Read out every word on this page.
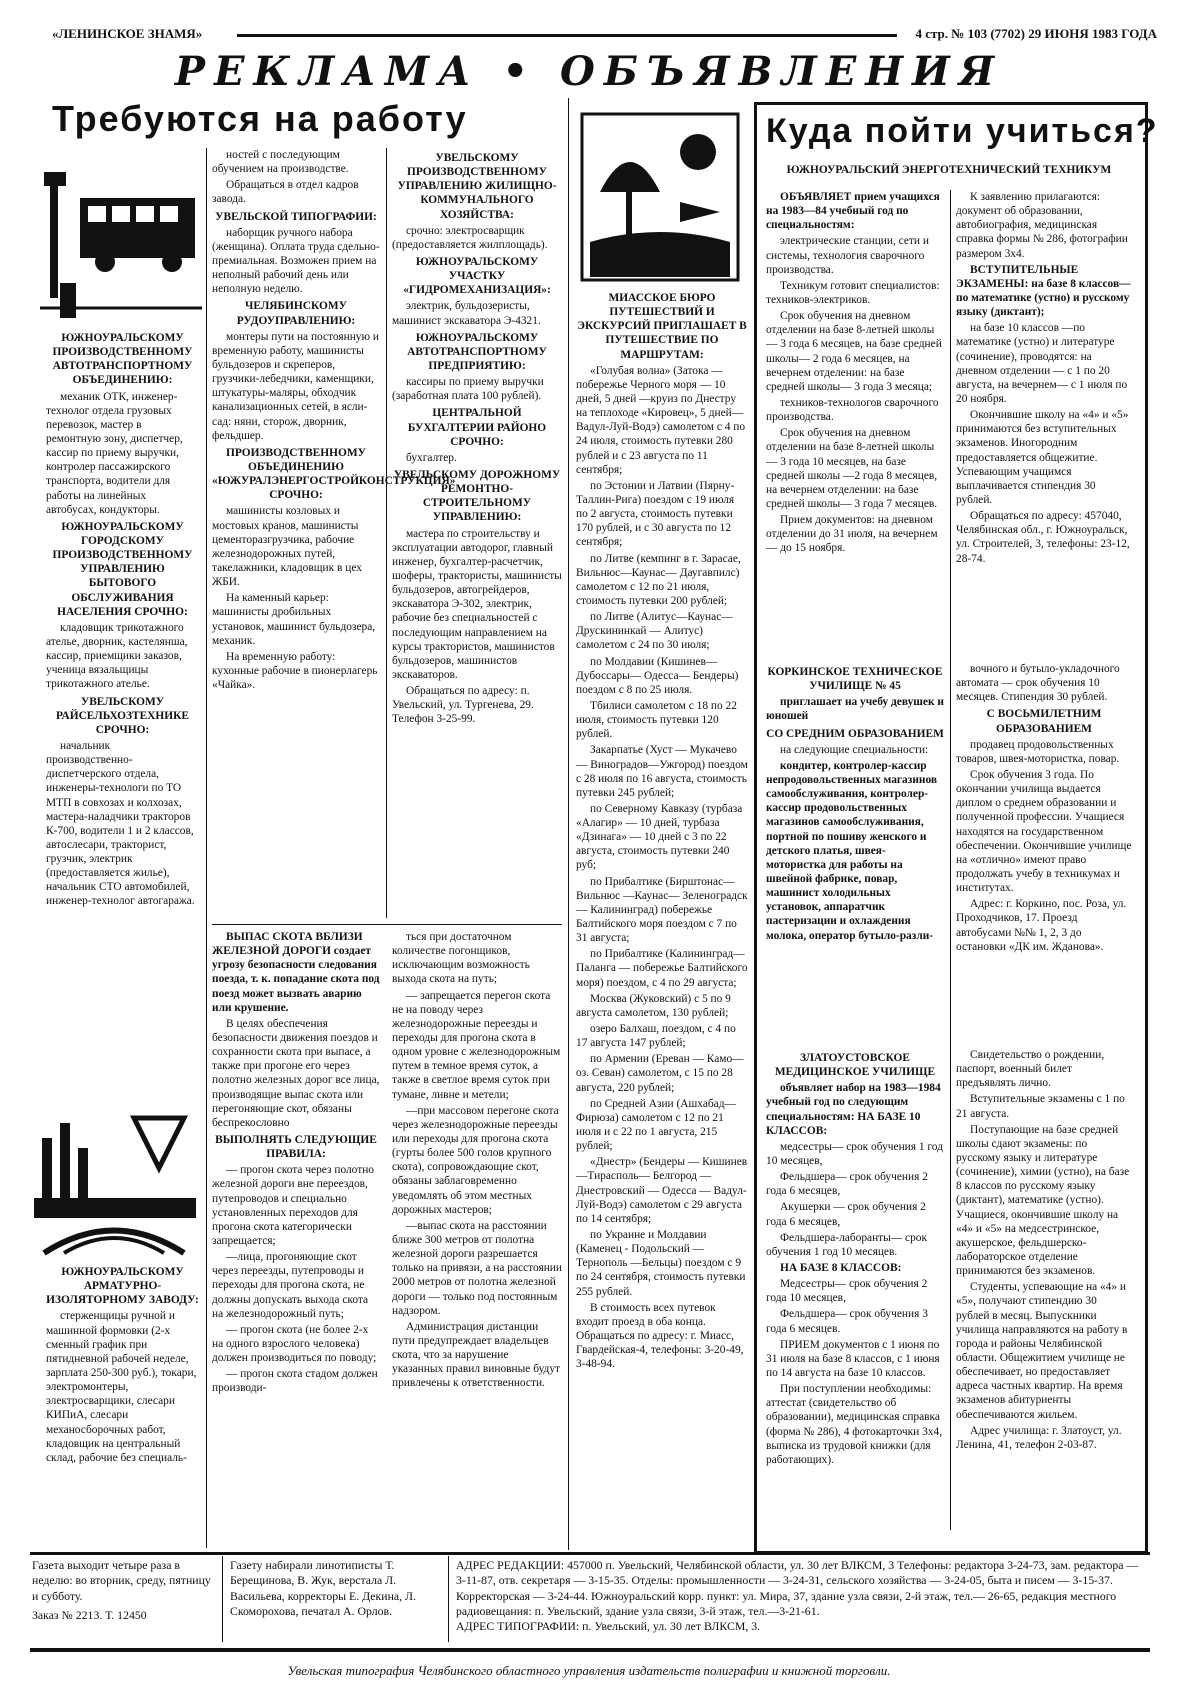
«ЛЕНИНСКОЕ ЗНАМЯ»	4 стр. № 103 (7702) 29 ИЮНЯ 1983 ГОДА
РЕКЛАМА • ОБЪЯВЛЕНИЯ
Требуются на работу

ЮЖНОУРАЛЬСКОМУ ПРОИЗВОДСТВЕННОМУ АВТОТРАНСПОРТНОМУ ОБЪЕДИНЕНИЮ:

механик ОТК, инженер-технолог отдела грузовых перевозок, мастер в ремонтную зону, диспетчер, кассир по приему выручки, контролер пассажирского транспорта, водители для работы на линейных автобусах, кондукторы.

ЮЖНОУРАЛЬСКОМУ ГОРОДСКОМУ ПРОИЗВОДСТВЕННОМУ УПРАВЛЕНИЮ БЫТОВОГО ОБСЛУЖИВАНИЯ НАСЕЛЕНИЯ СРОЧНО:

кладовщик трикотажного ателье, дворник, кастелянша, кассир, приемщики заказов, ученица вязальщицы трикотажного ателье.

УВЕЛЬСКОМУ РАЙСЕЛЬХОЗТЕХНИКЕ СРОЧНО:

начальник производственно-диспетчерского отдела, инженеры-технологи по ТО МТП в совхозах и колхозах, мастера-наладчики тракторов К-700, водители 1 и 2 классов, автослесари, тракторист, грузчик, электрик (предоставляется жилье), начальник СТО автомобилей, инженер-технолог автогаража.

ЮЖНОУРАЛЬСКОМУ АРМАТУРНО-ИЗОЛЯТОРНОМУ ЗАВОДУ:

стерженщицы ручной и машинной формовки (2-х сменный график при пятидневной рабочей неделе, зарплата 250-300 руб.), токари, электромонтеры, электросварщики, слесари КИПиА, слесари механосборочных работ, кладовщик на центральный склад, рабочие без специаль-

ностей с последующим обучением на производстве.

Обращаться в отдел кадров завода.

УВЕЛЬСКОЙ ТИПОГРАФИИ:

наборщик ручного набора (женщина). Оплата труда сдельно-премиальная. Возможен прием на неполный рабочий день или неполную неделю.

ЧЕЛЯБИНСКОМУ РУДОУПРАВЛЕНИЮ:

монтеры пути на постоянную и временную работу, машинисты бульдозеров и скреперов, грузчики-лебедчики, каменщики, штукатуры-маляры, обходчик канализационных сетей, в ясли-сад: няни, сторож, дворник, фельдшер.

ПРОИЗВОДСТВЕННОМУ ОБЪЕДИНЕНИЮ «ЮЖУРАЛЭНЕРГОСТРОЙКОНСТРУКЦИЯ» СРОЧНО:

машинисты козловых и мостовых кранов, машинисты цементоразгрузчика, рабочие железнодорожных путей, такелажники, кладовщик в цех ЖБИ.

На каменный карьер: машинисты дробильных установок, машинист бульдозера, механик.

На временную работу: кухонные рабочие в пионерлагерь «Чайка».

УВЕЛЬСКОМУ ПРОИЗВОДСТВЕННОМУ УПРАВЛЕНИЮ ЖИЛИЩНО-КОММУНАЛЬНОГО ХОЗЯЙСТВА:

срочно: электросварщик (предоставляется жилплощадь).

ЮЖНОУРАЛЬСКОМУ УЧАСТКУ «ГИДРОМЕХАНИЗАЦИЯ»:

электрик, бульдозеристы, машинист экскаватора Э-4321.

ЮЖНОУРАЛЬСКОМУ АВТОТРАНСПОРТНОМУ ПРЕДПРИЯТИЮ:

кассиры по приему выручки (заработная плата 100 рублей).

ЦЕНТРАЛЬНОЙ БУХГАЛТЕРИИ РАЙОНО СРОЧНО:

бухгалтер.

УВЕЛЬСКОМУ ДОРОЖНОМУ РЕМОНТНО-СТРОИТЕЛЬНОМУ УПРАВЛЕНИЮ:

мастера по строительству и эксплуатации автодорог, главный инженер, бухгалтер-расчетчик, шоферы, трактористы, машинисты бульдозеров, автогрейдеров, экскаватора Э-302, электрик, рабочие без специальностей с последующим направлением на курсы трактористов, машинистов бульдозеров, машинистов экскаваторов.

Обращаться по адресу: п. Увельский, ул. Тургенева, 29. Телефон 3-25-99.

ВЫПАС СКОТА ВБЛИЗИ ЖЕЛЕЗНОЙ ДОРОГИ создает угрозу безопасности следования поезда, т. к. попадание скота под поезд может вызвать аварию или крушение.

В целях обеспечения безопасности движения поездов и сохранности скота при выпасе, а также при прогоне его через полотно железных дорог все лица, производящие выпас скота или перегоняющие скот, обязаны беспрекословно

ВЫПОЛНЯТЬ СЛЕДУЮЩИЕ ПРАВИЛА:

— прогон скота через полотно железной дороги вне переездов, путепроводов и специально установленных переходов для прогона скота категорически запрещается;

—лица, прогоняющие скот через переезды, путепроводы и переходы для прогона скота, не должны допускать выхода скота на железнодорожный путь;

— прогон скота (не более 2-х на одного взрослого человека) должен производиться по поводу;

— прогон скота стадом должен производи-

ться при достаточном количестве погонщиков, исключающим возможность выхода скота на путь;

— запрещается перегон скота не на поводу через железнодорожные переезды и переходы для прогона скота в одном уровне с железнодорожным путем в темное время суток, а также в светлое время суток при тумане, ливне и метели;

—при массовом перегоне скота через железнодорожные переезды или переходы для прогона скота (гурты более 500 голов крупного скота), сопровождающие скот, обязаны заблаговременно уведомлять об этом местных дорожных мастеров;

—выпас скота на расстоянии ближе 300 метров от полотна железной дороги разрешается только на привязи, а на расстоянии 2000 метров от полотна железной дороги — только под постоянным надзором.

Администрация дистанции пути предупреждает владельцев скота, что за нарушение указанных правил виновные будут привлечены к ответственности.

МИАССКОЕ БЮРО ПУТЕШЕСТВИЙ И ЭКСКУРСИЙ ПРИГЛАШАЕТ В ПУТЕШЕСТВИЕ ПО МАРШРУТАМ:

«Голубая волна» (Затока —побережье Черного моря — 10 дней, 5 дней —круиз по Днестру на теплоходе «Кировец», 5 дней— Вадул-Луй-Водэ) самолетом с 4 по 24 июля, стоимость путевки 280 рублей и с 23 августа по 11 сентября;

по Эстонии и Латвии (Пярну-Таллин-Рига) поездом с 19 июля по 2 августа, стоимость путевки 170 рублей, и с 30 августа по 12 сентября;

по Литве (кемпинг в г. Зарасае, Вильнюс—Каунас— Даугавпилс) самолетом с 12 по 21 июля, стоимость путевки 200 рублей;

по Литве (Алитус—Каунас— Друскининкай — Алитус) самолетом с 24 по 30 июля;

по Молдавии (Кишинев— Дубоссары— Одесса— Бендеры) поездом с 8 по 25 июля.

Тбилиси самолетом с 18 по 22 июля, стоимость путевки 120 рублей.

Закарпатье (Хуст — Мукачево — Виноградов—Ужгород) поездом с 28 июля по 16 августа, стоимость путевки 245 рублей;

по Северному Кавказу (турбаза «Алагир» — 10 дней, турбаза «Дзинага» — 10 дней с 3 по 22 августа, стоимость путевки 240 руб;

по Прибалтике (Бирштонас— Вильнюс —Каунас— Зеленоградск — Калининград) побережье Балтийского моря поездом с 7 по 31 августа;

по Прибалтике (Калининград— Паланга — побережье Балтийского моря) поездом, с 4 по 29 августа;

Москва (Жуковский) с 5 по 9 августа самолетом, 130 рублей;

озеро Балхаш, поездом, с 4 по 17 августа 147 рублей;

по Армении (Ереван — Камо— оз. Севан) самолетом, с 15 по 28 августа, 220 рублей;

по Средней Азии (Ашхабад— Фирюза) самолетом с 12 по 21 июля и с 22 по 1 августа, 215 рублей;

«Днестр» (Бендеры — Кишинев —Тирасполь— Белгород — Днестровский — Одесса — Вадул-Луй-Водэ) самолетом с 29 августа по 14 сентября;

по Украине и Молдавии (Каменец - Подольский — Тернополь —Бельцы) поездом с 9 по 24 сентября, стоимость путевки 255 рублей.

В стоимость всех путевок входит проезд в оба конца. Обращаться по адресу: г. Миасс, Гвардейская-4, телефоны: 3-20-49, 3-48-94.

Куда пойти учиться?

ЮЖНОУРАЛЬСКИЙ ЭНЕРГОТЕХНИЧЕСКИЙ ТЕХНИКУМ

ОБЪЯВЛЯЕТ прием учащихся на 1983—84 учебный год по специальностям:

электрические станции, сети и системы, технология сварочного производства.

Техникум готовит специалистов: техников-электриков.

Срок обучения на дневном отделении на базе 8-летней школы— 3 года 6 месяцев, на базе средней школы— 2 года 6 месяцев, на вечернем отделении: на базе средней школы— 3 года 3 месяца;

техников-технологов сварочного производства.

Срок обучения на дневном отделении на базе 8-летней школы— 3 года 10 месяцев, на базе средней школы —2 года 8 месяцев, на вечернем отделении: на базе средней школы— 3 года 7 месяцев.

Прием документов: на дневном отделении до 31 июля, на вечернем — до 15 ноября.

К заявлению прилагаются: документ об образовании, автобиография, медицинская справка формы № 286, фотографии размером 3х4.

ВСТУПИТЕЛЬНЫЕ ЭКЗАМЕНЫ: на базе 8 классов— по математике (устно) и русскому языку (диктант);

на базе 10 классов —по математике (устно) и литературе (сочинение), проводятся: на дневном отделении — с 1 по 20 августа, на вечернем— с 1 июля по 20 ноября.

Окончившие школу на «4» и «5» принимаются без вступительных экзаменов. Иногородним предоставляется общежитие. Успевающим учащимся выплачивается стипендия 30 рублей.

Обращаться по адресу: 457040, Челябинская обл., г. Южноуральск, ул. Строителей, 3, телефоны: 23-12, 28-74.

КОРКИНСКОЕ ТЕХНИЧЕСКОЕ УЧИЛИЩЕ № 45

приглашает на учебу девушек и юношей

СО СРЕДНИМ ОБРАЗОВАНИЕМ

на следующие специальности:

кондитер, контролер-кассир непродовольственных магазинов самообслуживания, контролер-кассир продовольственных магазинов самообслуживания, портной по пошиву женского и детского платья, швея-мотористка для работы на швейной фабрике, повар, машинист холодильных установок, аппаратчик пастеризации и охлаждения молока, оператор бутыло-разли-

вочного и бутыло-укладочного автомата — срок обучения 10 месяцев. Стипендия 30 рублей.

С ВОСЬМИЛЕТНИМ ОБРАЗОВАНИЕМ

продавец продовольственных товаров, швея-мотористка, повар.

Срок обучения 3 года. По окончании училища выдается диплом о среднем образовании и полученной профессии. Учащиеся находятся на государственном обеспечении. Окончившие училище на «отлично» имеют право продолжать учебу в техникумах и институтах.

Адрес: г. Коркино, пос. Роза, ул. Проходчиков, 17. Проезд автобусами №№ 1, 2, 3 до остановки «ДК им. Жданова».

ЗЛАТОУСТОВСКОЕ МЕДИЦИНСКОЕ УЧИЛИЩЕ

объявляет набор на 1983—1984 учебный год по следующим специальностям: НА БАЗЕ 10 КЛАССОВ:

медсестры— срок обучения 1 год 10 месяцев,

Фельдшера— срок обучения 2 года 6 месяцев,

Акушерки — срок обучения 2 года 6 месяцев,

Фельдшера-лаборанты— срок обучения 1 год 10 месяцев.

НА БАЗЕ 8 КЛАССОВ:

Медсестры— срок обучения 2 года 10 месяцев,

Фельдшера— срок обучения 3 года 6 месяцев.

ПРИЕМ документов с 1 июня по 31 июля на базе 8 классов, с 1 июня по 14 августа на базе 10 классов.

При поступлении необходимы: аттестат (свидетельство об образовании), медицинская справка (форма № 286), 4 фотокарточки 3х4, выписка из трудовой книжки (для работающих).

Свидетельство о рождении, паспорт, военный билет предъявлять лично.

Вступительные экзамены с 1 по 21 августа.

Поступающие на базе средней школы сдают экзамены: по русскому языку и литературе (сочинение), химии (устно), на базе 8 классов по русскому языку (диктант), математике (устно). Учащиеся, окончившие школу на «4» и «5» на медсестринское, акушерское, фельдшерско-лабораторское отделение принимаются без экзаменов.

Студенты, успевающие на «4» и «5», получают стипендию 30 рублей в месяц. Выпускники училища направляются на работу в города и районы Челябинской области. Общежитием училище не обеспечивает, но предоставляет адреса частных квартир. На время экзаменов абитуриенты обеспечиваются жильем.

Адрес училища: г. Златоуст, ул. Ленина, 41, телефон 2-03-87.

Газета выходит четыре раза в неделю: во вторник, среду, пятницу и субботу.
Заказ № 2213. Т. 12450
Газету набирали линотиписты Т. Берещинова, В. Жук, верстала Л. Васильева, корректоры Е. Декина, Л. Скоморохова, печатал А. Орлов.
АДРЕС РЕДАКЦИИ: 457000 п. Увельский, Челябинской области, ул. 30 лет ВЛКСМ, 3 Телефоны: редактора 3-24-73, зам. редактора — 3-11-87, отв. секретаря — 3-15-35. Отделы: промышленности — 3-24-31, сельского хозяйства — 3-24-05, быта и писем — 3-15-37. Корректорская — 3-24-44. Южноуральский корр. пункт: ул. Мира, 37, здание узла связи, 2-й этаж, тел.— 26-65, редакция местного радиовещания: п. Увельский, здание узла связи, 3-й этаж, тел.—3-21-61.
АДРЕС ТИПОГРАФИИ: п. Увельский, ул. 30 лет ВЛКСМ, 3.
Увельская типография Челябинского областного управления издательств полиграфии и книжной торговли.
